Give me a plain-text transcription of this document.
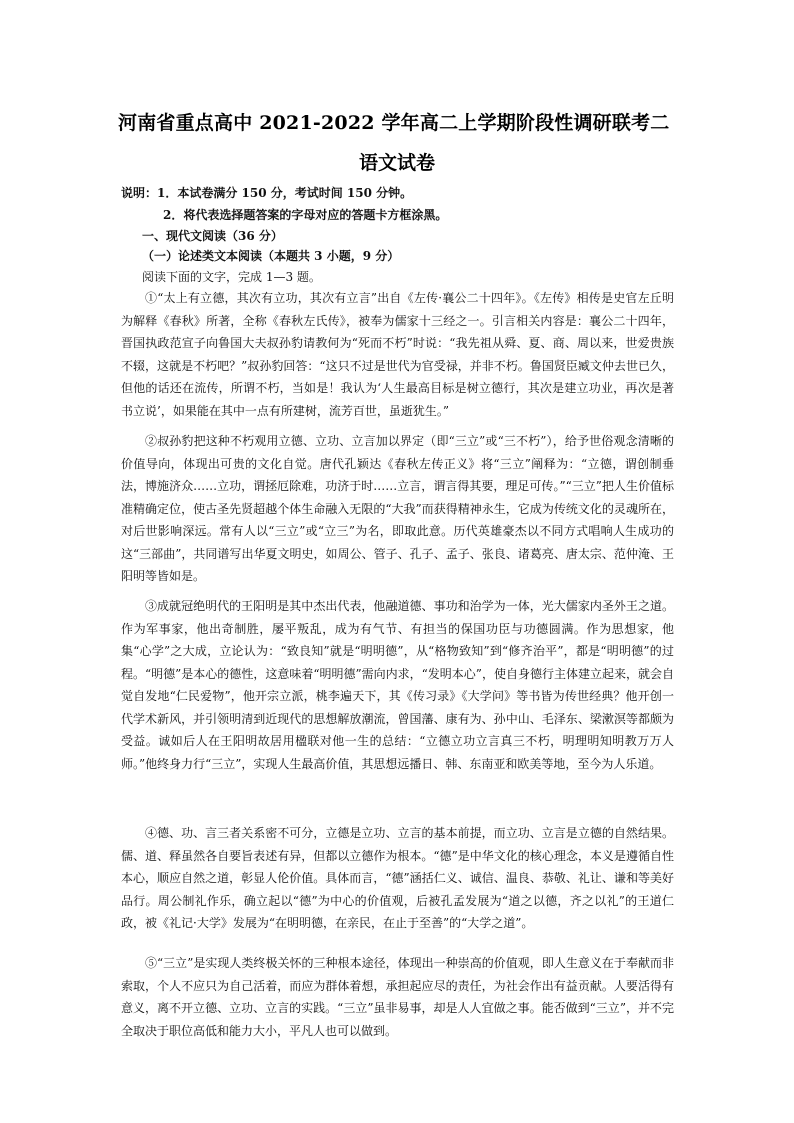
河南省重点高中 2021-2022 学年高二上学期阶段性调研联考二
语文试卷
说明：1．本试卷满分 150 分，考试时间 150 分钟。
2．将代表选择题答案的字母对应的答题卡方框涂黑。
一、现代文阅读（36 分）
（一）论述类文本阅读（本题共 3 小题，9 分）
阅读下面的文字，完成 1—3 题。

①“太上有立德，其次有立功，其次有立言”出自《左传·襄公二十四年》。《左传》相传是史官左丘明为解释《春秋》所著，全称《春秋左氏传》，被奉为儒家十三经之一。引言相关内容是：襄公二十四年，晋国执政范宣子向鲁国大夫叔孙豹请教何为“死而不朽”时说：“我先祖从舜、夏、商、周以来，世爱贵族不辍，这就是不朽吧？”叔孙豹回答：“这只不过是世代为官受禄，并非不朽。鲁国贤臣臧文仲去世已久，但他的话还在流传，所谓不朽，当如是！我认为‘人生最高目标是树立德行，其次是建立功业，再次是著书立说’，如果能在其中一点有所建树，流芳百世，虽逝犹生。”

②叔孙豹把这种不朽观用立德、立功、立言加以界定（即“三立”或“三不朽”），给予世俗观念清晰的价值导向，体现出可贵的文化自觉。唐代孔颖达《春秋左传正义》将“三立”阐释为：“立德，谓创制垂法，博施济众……立功，谓拯厄除难，功济于时……立言，谓言得其要，理足可传。”“三立”把人生价值标准精确定位，使古圣先贤超越个体生命融入无限的“大我”而获得精神永生，它成为传统文化的灵魂所在，对后世影响深远。常有人以“三立”或“立三”为名，即取此意。历代英雄豪杰以不同方式唱响人生成功的这“三部曲”，共同谱写出华夏文明史，如周公、管子、孔子、孟子、张良、诸葛亮、唐太宗、范仲淹、王阳明等皆如是。

③成就冠绝明代的王阳明是其中杰出代表，他融道德、事功和治学为一体，光大儒家内圣外王之道。作为军事家，他出奇制胜，屡平叛乱，成为有气节、有担当的保国功臣与功德圆满。作为思想家，他集“心学”之大成，立论认为：“致良知”就是“明明德”，从“格物致知”到“修齐治平”，都是“明明德”的过程。“明德”是本心的德性，这意味着“明明德”需向内求，“发明本心”，使自身德行主体建立起来，就会自觉自发地“仁民爱物”，他开宗立派，桃李遍天下，其《传习录》《大学问》等书皆为传世经典？他开创一代学术新风，并引领明清到近现代的思想解放潮流，曾国藩、康有为、孙中山、毛泽东、梁漱溟等都颇为受益。诚如后人在王阳明故居用楹联对他一生的总结：“立德立功立言真三不朽，明理明知明教万万人师。”他终身力行“三立”，实现人生最高价值，其思想远播日、韩、东南亚和欧美等地，至今为人乐道。

④德、功、言三者关系密不可分，立德是立功、立言的基本前提，而立功、立言是立德的自然结果。儒、道、释虽然各自要旨表述有异，但都以立德作为根本。“德”是中华文化的核心理念，本义是遵循自性本心，顺应自然之道，彰显人伦价值。具体而言，“德”涵括仁义、诚信、温良、恭敬、礼让、谦和等美好品行。周公制礼作乐，确立起以“德”为中心的价值观，后被孔孟发展为“道之以德，齐之以礼”的王道仁政，被《礼记·大学》发展为“在明明德，在亲民，在止于至善”的“大学之道”。

⑤“三立”是实现人类终极关怀的三种根本途径，体现出一种崇高的价值观，即人生意义在于奉献而非索取，个人不应只为自己活着，而应为群体着想，承担起应尽的责任，为社会作出有益贡献。人要活得有意义，离不开立德、立功、立言的实践。“三立”虽非易事，却是人人宜做之事。能否做到“三立”，并不完全取决于职位高低和能力大小，平凡人也可以做到。
